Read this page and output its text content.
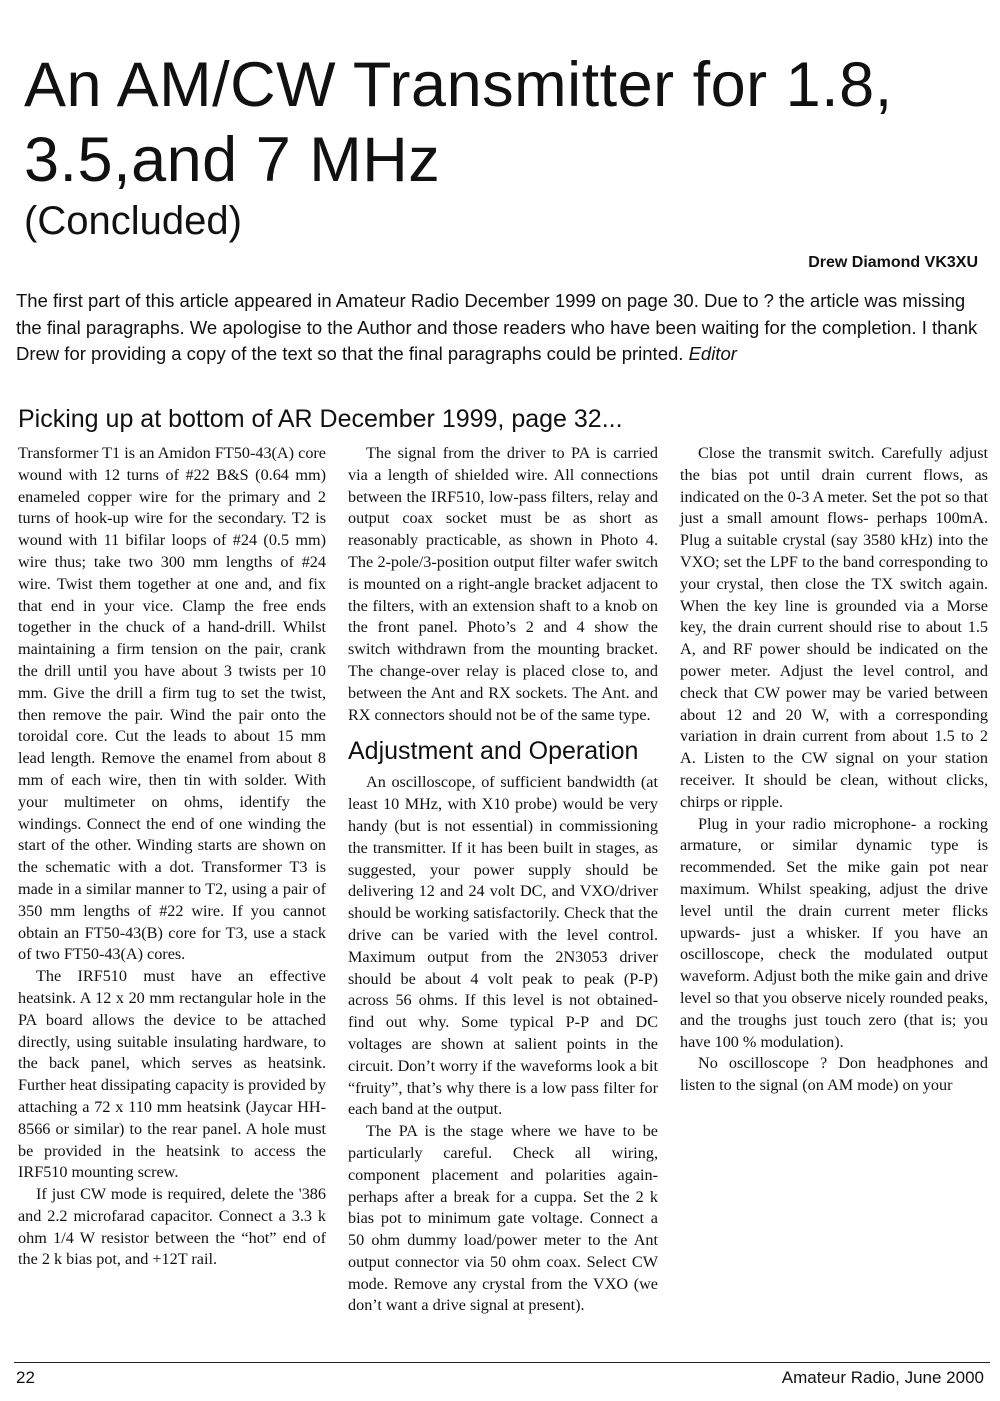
An AM/CW Transmitter for 1.8, 3.5,and 7 MHz
(Concluded)
Drew Diamond VK3XU

The first part of this article appeared in Amateur Radio December 1999 on page 30. Due to ? the article was missing the final paragraphs. We apologise to the Author and those readers who have been waiting for the completion. I thank Drew for providing a copy of the text so that the final paragraphs could be printed. Editor

Picking up at bottom of AR December 1999, page 32...

Transformer T1 is an Amidon FT50-43(A) core wound with 12 turns of #22 B&S (0.64 mm) enameled copper wire for the primary and 2 turns of hook-up wire for the secondary. T2 is wound with 11 bifilar loops of #24 (0.5 mm) wire thus; take two 300 mm lengths of #24 wire. Twist them together at one and, and fix that end in your vice. Clamp the free ends together in the chuck of a hand-drill. Whilst maintaining a firm tension on the pair, crank the drill until you have about 3 twists per 10 mm. Give the drill a firm tug to set the twist, then remove the pair. Wind the pair onto the toroidal core. Cut the leads to about 15 mm lead length. Remove the enamel from about 8 mm of each wire, then tin with solder. With your multimeter on ohms, identify the windings. Connect the end of one winding the start of the other. Winding starts are shown on the schematic with a dot. Transformer T3 is made in a similar manner to T2, using a pair of 350 mm lengths of #22 wire. If you cannot obtain an FT50-43(B) core for T3, use a stack of two FT50-43(A) cores.

The IRF510 must have an effective heatsink. A 12 x 20 mm rectangular hole in the PA board allows the device to be attached directly, using suitable insulating hardware, to the back panel, which serves as heatsink. Further heat dissipating capacity is provided by attaching a 72 x 110 mm heatsink (Jaycar HH-8566 or similar) to the rear panel. A hole must be provided in the heatsink to access the IRF510 mounting screw.

If just CW mode is required, delete the '386 and 2.2 microfarad capacitor. Connect a 3.3 k ohm 1/4 W resistor between the “hot” end of the 2 k bias pot, and +12T rail.

The signal from the driver to PA is carried via a length of shielded wire. All connections between the IRF510, low-pass filters, relay and output coax socket must be as short as reasonably practicable, as shown in Photo 4. The 2-pole/3-position output filter wafer switch is mounted on a right-angle bracket adjacent to the filters, with an extension shaft to a knob on the front panel. Photo’s 2 and 4 show the switch withdrawn from the mounting bracket. The change-over relay is placed close to, and between the Ant and RX sockets. The Ant. and RX connectors should not be of the same type.

Adjustment and Operation

An oscilloscope, of sufficient bandwidth (at least 10 MHz, with X10 probe) would be very handy (but is not essential) in commissioning the transmitter. If it has been built in stages, as suggested, your power supply should be delivering 12 and 24 volt DC, and VXO/driver should be working satisfactorily. Check that the drive can be varied with the level control. Maximum output from the 2N3053 driver should be about 4 volt peak to peak (P-P) across 56 ohms. If this level is not obtained- find out why. Some typical P-P and DC voltages are shown at salient points in the circuit. Don’t worry if the waveforms look a bit “fruity”, that’s why there is a low pass filter for each band at the output.

The PA is the stage where we have to be particularly careful. Check all wiring, component placement and polarities again- perhaps after a break for a cuppa. Set the 2 k bias pot to minimum gate voltage. Connect a 50 ohm dummy load/power meter to the Ant output connector via 50 ohm coax. Select CW mode. Remove any crystal from the VXO (we don’t want a drive signal at present).

Close the transmit switch. Carefully adjust the bias pot until drain current flows, as indicated on the 0-3 A meter. Set the pot so that just a small amount flows- perhaps 100mA. Plug a suitable crystal (say 3580 kHz) into the VXO; set the LPF to the band corresponding to your crystal, then close the TX switch again. When the key line is grounded via a Morse key, the drain current should rise to about 1.5 A, and RF power should be indicated on the power meter. Adjust the level control, and check that CW power may be varied between about 12 and 20 W, with a corresponding variation in drain current from about 1.5 to 2 A. Listen to the CW signal on your station receiver. It should be clean, without clicks, chirps or ripple.

Plug in your radio microphone- a rocking armature, or similar dynamic type is recommended. Set the mike gain pot near maximum. Whilst speaking, adjust the drive level until the drain current meter flicks upwards- just a whisker. If you have an oscilloscope, check the modulated output waveform. Adjust both the mike gain and drive level so that you observe nicely rounded peaks, and the troughs just touch zero (that is; you have 100 % modulation).

No oscilloscope ? Don headphones and listen to the signal (on AM mode) on your

22	Amateur Radio, June 2000
